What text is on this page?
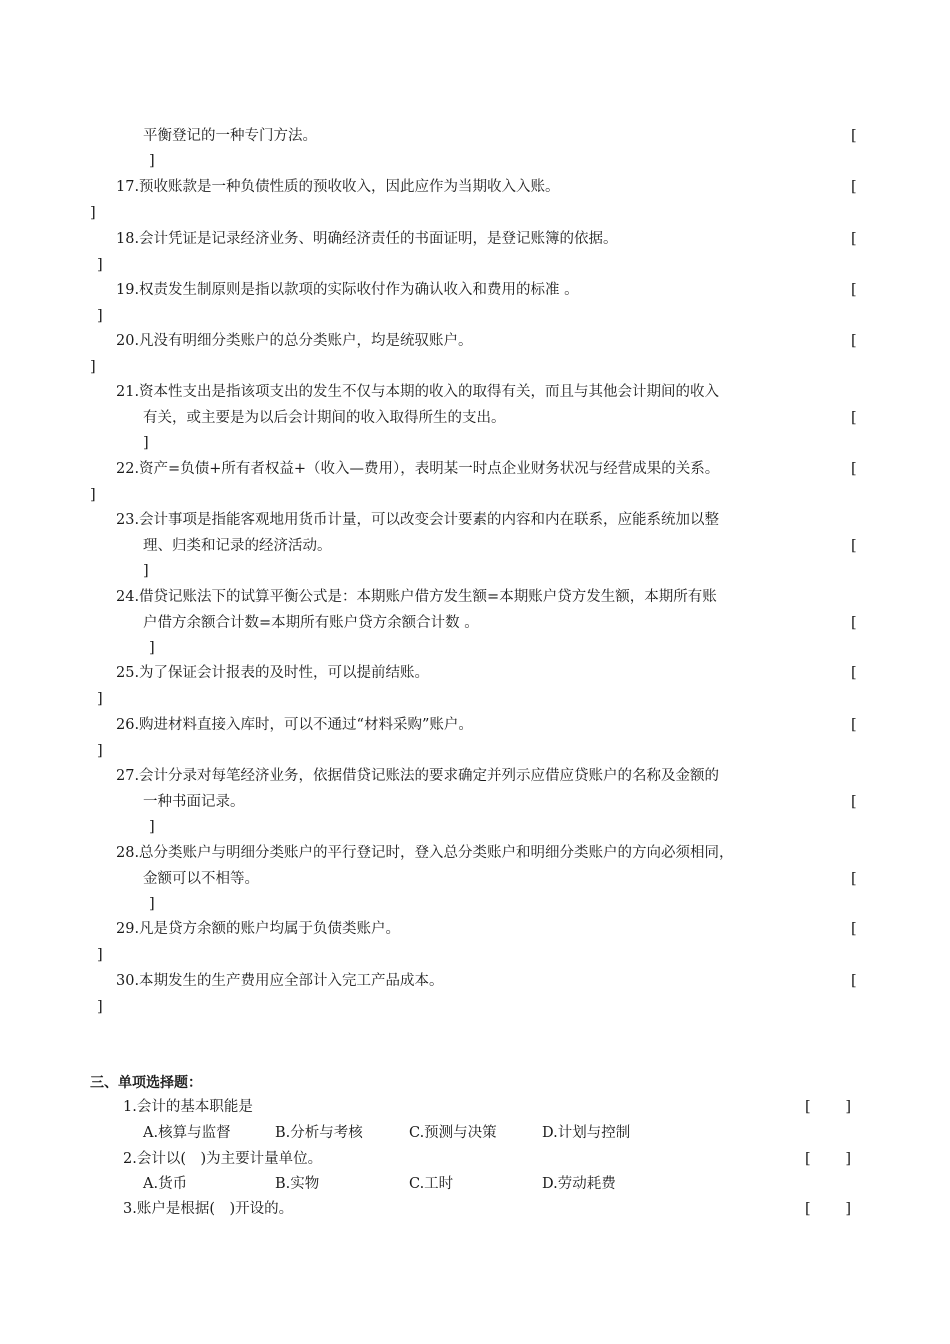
平衡登记的一种专门方法。	[
]
17.预收账款是一种负债性质的预收收入，因此应作为当期收入入账。	[
]
18.会计凭证是记录经济业务、明确经济责任的书面证明，是登记账簿的依据。	[
]
19.权责发生制原则是指以款项的实际收付作为确认收入和费用的标准 。	[
]
20.凡没有明细分类账户的总分类账户，均是统驭账户。	[
]
21.资本性支出是指该项支出的发生不仅与本期的收入的取得有关，而且与其他会计期间的收入
有关，或主要是为以后会计期间的收入取得所生的支出。	[
]
22.资产=负债+所有者权益+（收入—费用），表明某一时点企业财务状况与经营成果的关系。	[
]
23.会计事项是指能客观地用货币计量，可以改变会计要素的内容和内在联系，应能系统加以整
理、归类和记录的经济活动。	[
]
24.借贷记账法下的试算平衡公式是：本期账户借方发生额=本期账户贷方发生额，本期所有账
户借方余额合计数=本期所有账户贷方余额合计数 。	[
]
25.为了保证会计报表的及时性，可以提前结账。	[
]
26.购进材料直接入库时，可以不通过“材料采购”账户。	[
]
27.会计分录对每笔经济业务，依据借贷记账法的要求确定并列示应借应贷账户的名称及金额的
一种书面记录。	[
]
28.总分类账户与明细分类账户的平行登记时，登入总分类账户和明细分类账户的方向必须相同，
金额可以不相等。	[
]
29.凡是贷方余额的账户均属于负债类账户。	[
]
30.本期发生的生产费用应全部计入完工产品成本。	[
]
三、单项选择题：
1.会计的基本职能是	[ ]
A.核算与监督	B.分析与考核	C.预测与决策	D.计划与控制
2.会计以(　)为主要计量单位。	[ ]
A.货币	B.实物	C.工时	D.劳动耗费
3.账户是根据(　)开设的。	[ ]
